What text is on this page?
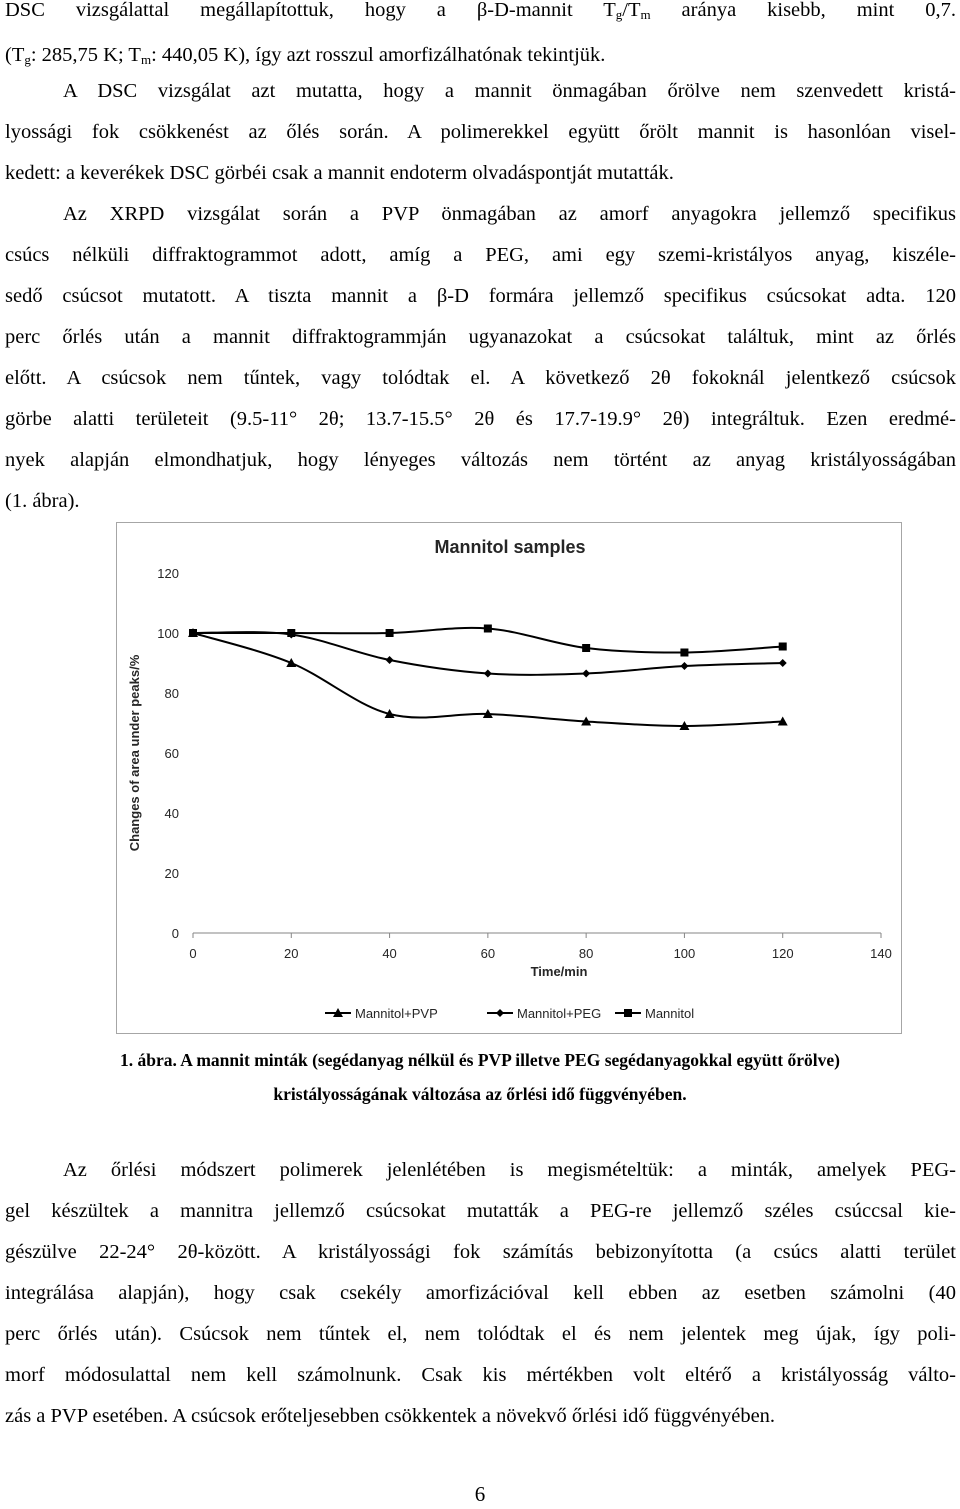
DSC vizsgálattal megállapítottuk, hogy a β-D-mannit $T_g/T_m$ aránya kisebb, mint 0,7.
($T_g$: 285,75 K; $T_m$: 440,05 K), így azt rosszul amorfizálhatónak tekintjük.
A DSC vizsgálat azt mutatta, hogy a mannit önmagában őrölve nem szenvedett kristá-
lyossági fok csökkenést az őlés során. A polimerekkel együtt őrölt mannit is hasonlóan visel-
kedett: a keverékek DSC görbéi csak a mannit endoterm olvadáspontját mutatták.
Az XRPD vizsgálat során a PVP önmagában az amorf anyagokra jellemző specifikus
csúcs nélküli diffraktogrammot adott, amíg a PEG, ami egy szemi-kristályos anyag, kiszéle-
sedő csúcsot mutatott. A tiszta mannit a β-D formára jellemző specifikus csúcsokat adta. 120
perc őrlés után a mannit diffraktogrammján ugyanazokat a csúcsokat találtuk, mint az őrlés
előtt. A csúcsok nem tűntek, vagy tolódtak el. A következő 2θ fokoknál jelentkező csúcsok
görbe alatti területeit (9.5-11° 2θ; 13.7-15.5° 2θ és 17.7-19.9° 2θ) integráltuk. Ezen eredmé-
nyek alapján elmondhatjuk, hogy lényeges változás nem történt az anyag kristályosságában
(1. ábra).
Mannitol samples
Changes of area under peaks/%
Time/min
0
20
40
60
80
100
120
0	20	40	60	80	100	120	140
Mannitol+PVP	Mannitol+PEG	Mannitol
1. ábra. A mannit minták (segédanyag nélkül és PVP illetve PEG segédanyagokkal együtt őrölve)
kristályosságának változása az őrlési idő függvényében.
Az őrlési módszert polimerek jelenlétében is megismételtük: a minták, amelyek PEG-
gel készültek a mannitra jellemző csúcsokat mutatták a PEG-re jellemző széles csúccsal kie-
gészülve 22-24° 2θ-között. A kristályossági fok számítás bebizonyította (a csúcs alatti terület
integrálása alapján), hogy csak csekély amorfizációval kell ebben az esetben számolni (40
perc őrlés után). Csúcsok nem tűntek el, nem tolódtak el és nem jelentek meg újak, így poli-
morf módosulattal nem kell számolnunk. Csak kis mértékben volt eltérő a kristályosság válto-
zás a PVP esetében. A csúcsok erőteljesebben csökkentek a növekvő őrlési idő függvényében.
6
